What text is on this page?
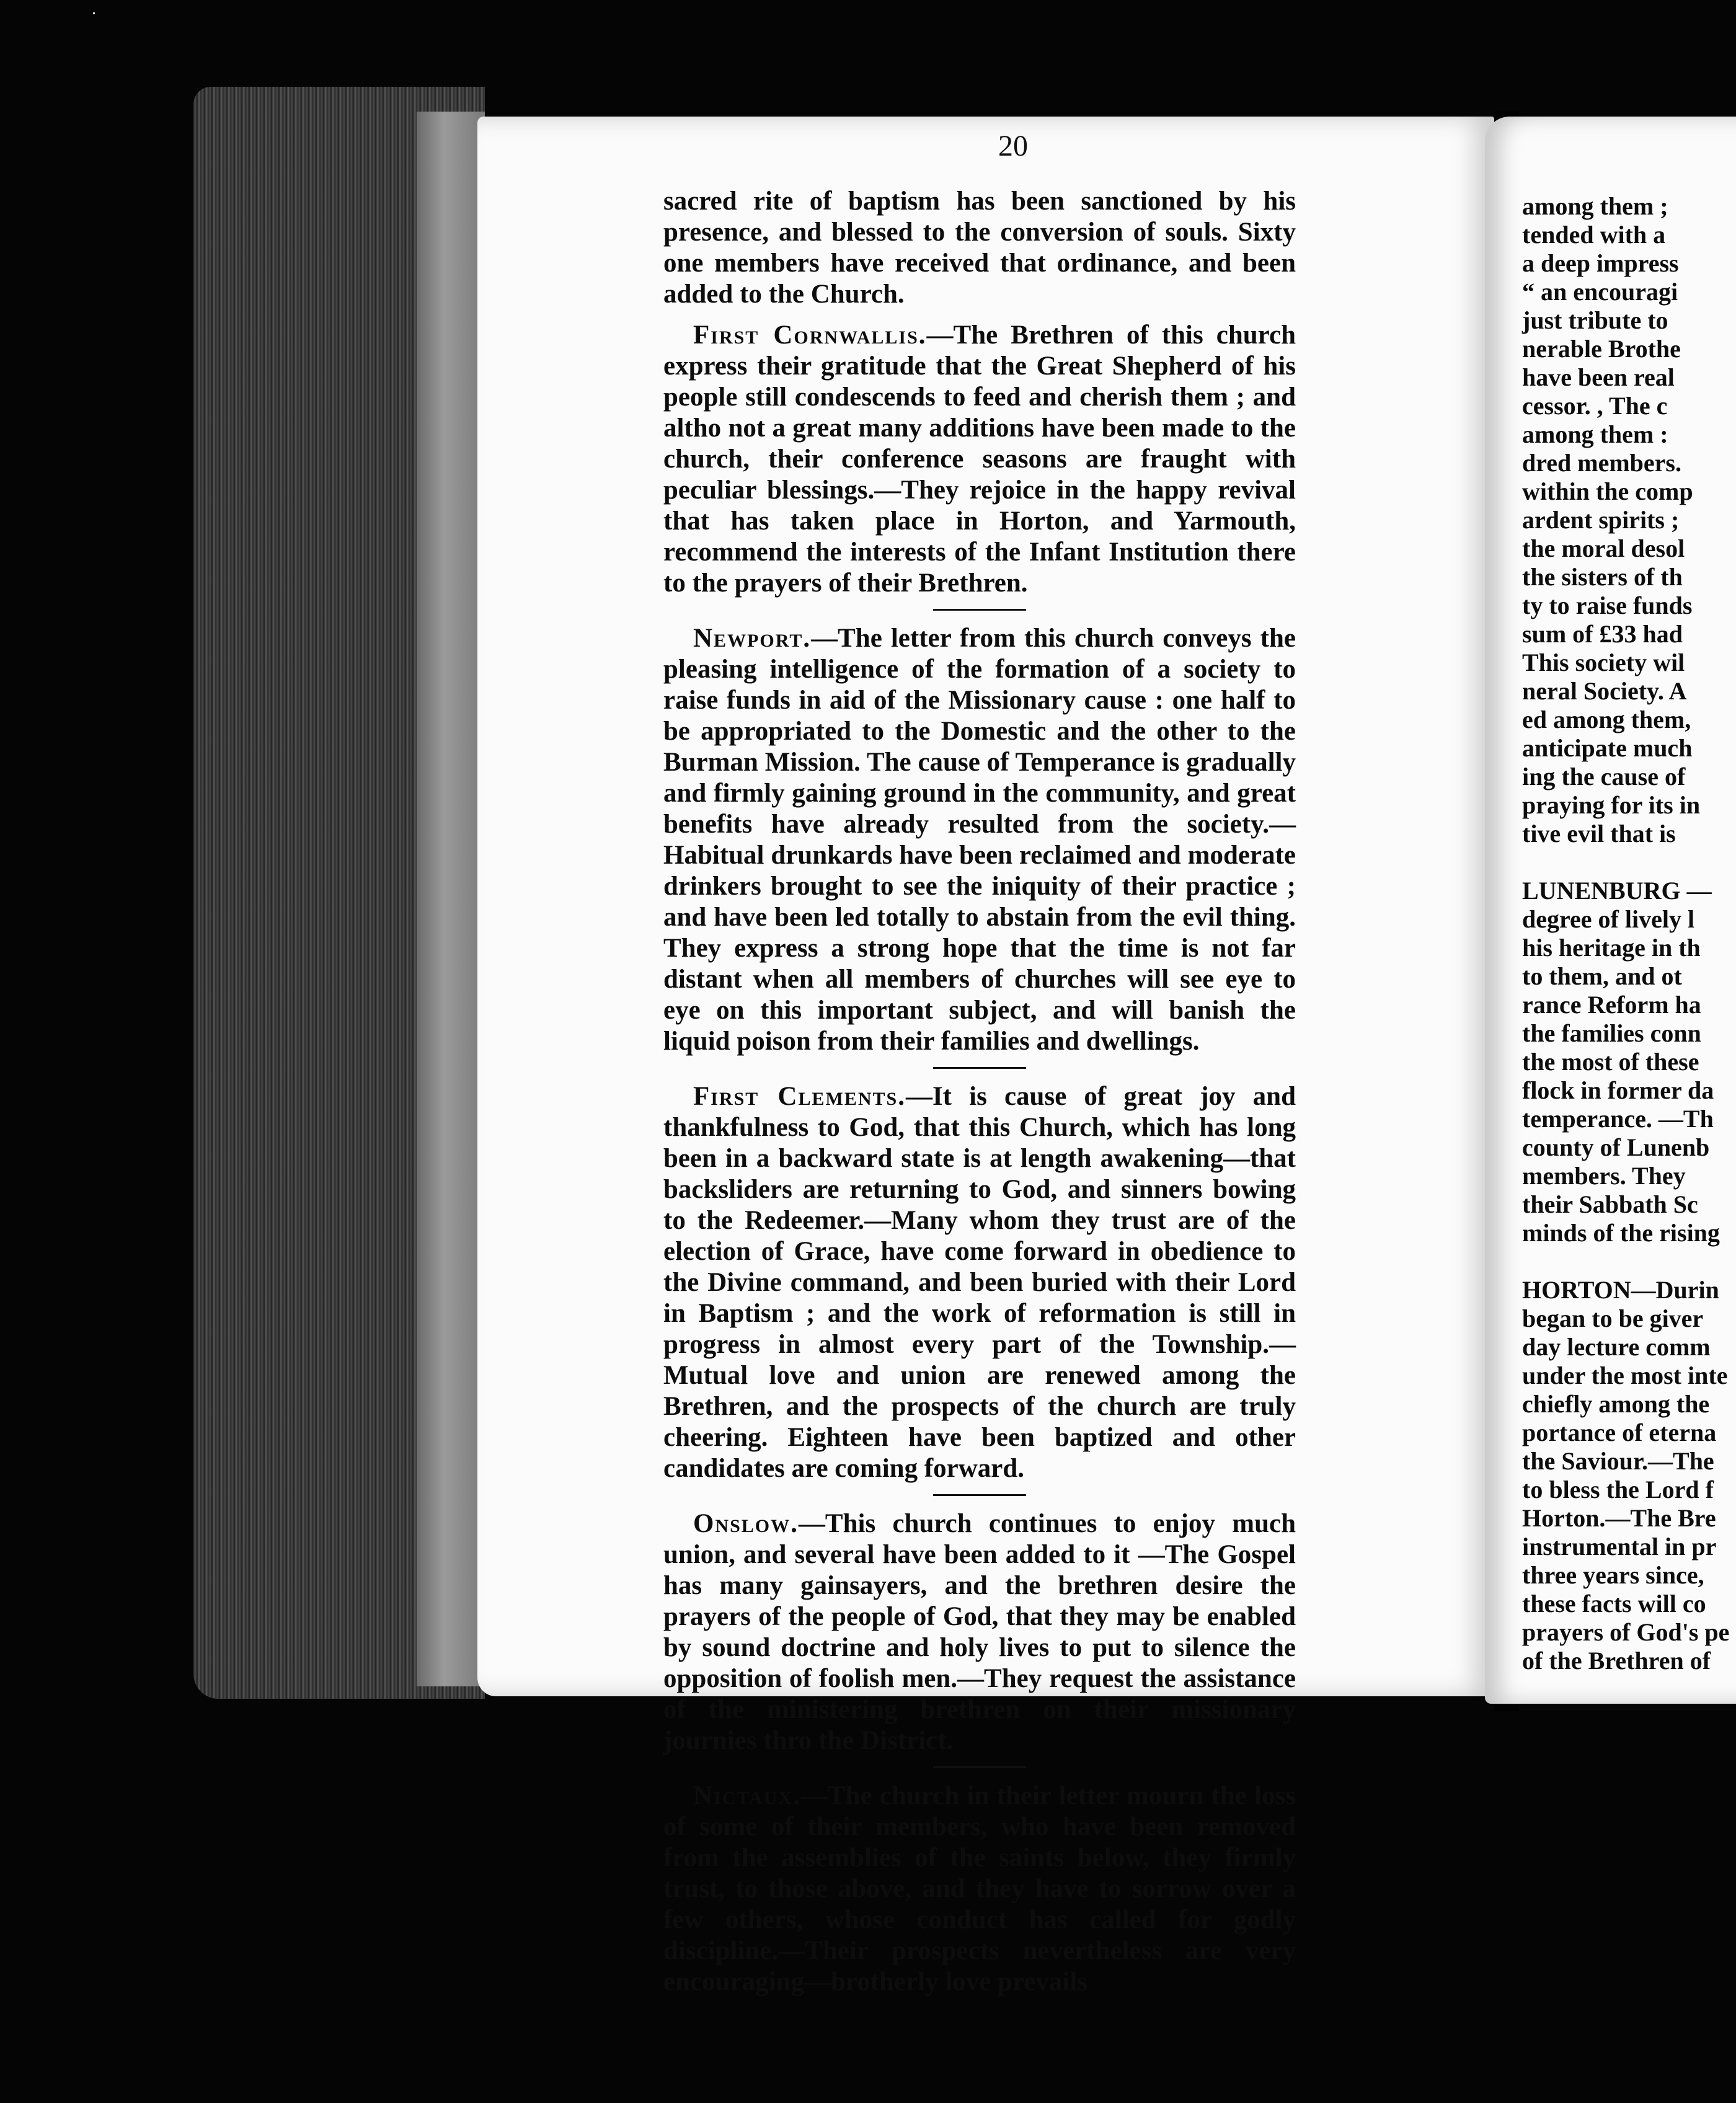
20

sacred rite of baptism has been sanctioned by his presence, and blessed to the conversion of souls. Sixty one members have received that ordinance, and been added to the Church.

First Cornwallis.—The Brethren of this church express their gratitude that the Great Shepherd of his people still condescends to feed and cherish them ; and altho not a great many additions have been made to the church, their conference seasons are fraught with peculiar blessings.—They rejoice in the happy revival that has taken place in Horton, and Yarmouth, recommend the interests of the Infant Institution there to the prayers of their Brethren.

Newport.—The letter from this church conveys the pleasing intelligence of the formation of a society to raise funds in aid of the Missionary cause : one half to be appropriated to the Domestic and the other to the Burman Mission. The cause of Temperance is gradually and firmly gaining ground in the community, and great benefits have already resulted from the society.—Habitual drunkards have been reclaimed and moderate drinkers brought to see the iniquity of their practice ; and have been led totally to abstain from the evil thing. They express a strong hope that the time is not far distant when all members of churches will see eye to eye on this important subject, and will banish the liquid poison from their families and dwellings.

First Clements.—It is cause of great joy and thankfulness to God, that this Church, which has long been in a backward state is at length awakening—that backsliders are returning to God, and sinners bowing to the Redeemer.—Many whom they trust are of the election of Grace, have come forward in obedience to the Divine command, and been buried with their Lord in Baptism ; and the work of reformation is still in progress in almost every part of the Township.—Mutual love and union are renewed among the Brethren, and the prospects of the church are truly cheering. Eighteen have been baptized and other candidates are coming forward.

Onslow.—This church continues to enjoy much union, and several have been added to it —The Gospel has many gainsayers, and the brethren desire the prayers of the people of God, that they may be enabled by sound doctrine and holy lives to put to silence the opposition of foolish men.—They request the assistance of the ministering brethren on their missionary journies thro the District.

Nictaux.—The church in their letter mourn the loss of some of their members, who have been removed from the assemblies of the saints below, they firmly trust, to those above, and they have to sorrow over a few others, whose conduct has called for godly discipline.—Their prospects nevertheless are very encouraging—brotherly love prevails

among them ;
tended with a
a deep impress
“ an encouragi
just tribute to
nerable Brothe
have been real
cessor. , The c
among them :
dred members.
within the comp
ardent spirits ;
the moral desol
the sisters of th
ty to raise funds
sum of £33 had
This society wil
neral Society. A
ed among them,
anticipate much
ing the cause of
praying for its in
tive evil that is
LUNENBURG —
degree of lively l
his heritage in th
to them, and ot
rance Reform ha
the families conn
the most of these
flock in former da
temperance. —Th
county of Lunenb
members. They
their Sabbath Sc
minds of the rising
HORTON—Durin
began to be giver
day lecture comm
under the most inte
chiefly among the
portance of eterna
the Saviour.—The
to bless the Lord f
Horton.—The Bre
instrumental in pr
three years since,
these facts will co
prayers of God's pe
of the Brethren of
